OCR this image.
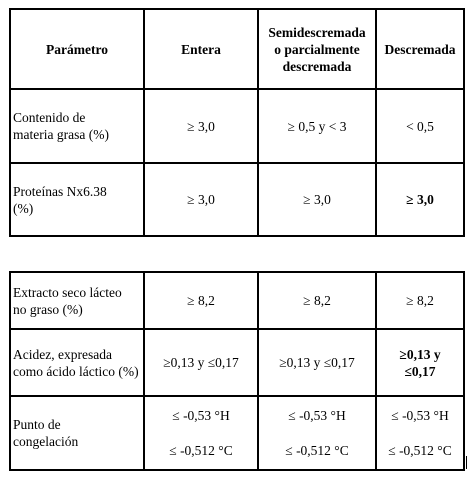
Parámetro	Entera	Semidescremada
o parcialmente
descremada	Descremada

Contenido de
materia grasa (%)	≥ 3,0	≥ 0,5 y < 3	< 0,5

Proteínas Nx6.38
(%)	≥ 3,0	≥ 3,0	≥ 3,0
Extracto seco lácteo
no graso (%)	≥ 8,2	≥ 8,2	≥ 8,2

Acidez, expresada
como ácido láctico (%)	≥0,13 y ≤0,17	≥0,13 y ≤0,17	≥0,13 y
≤0,17

Punto de
congelación	≤ -0,53 °H
≤ -0,512 °C	≤ -0,53 °H
≤ -0,512 °C	≤ -0,53 °H
≤ -0,512 °C
